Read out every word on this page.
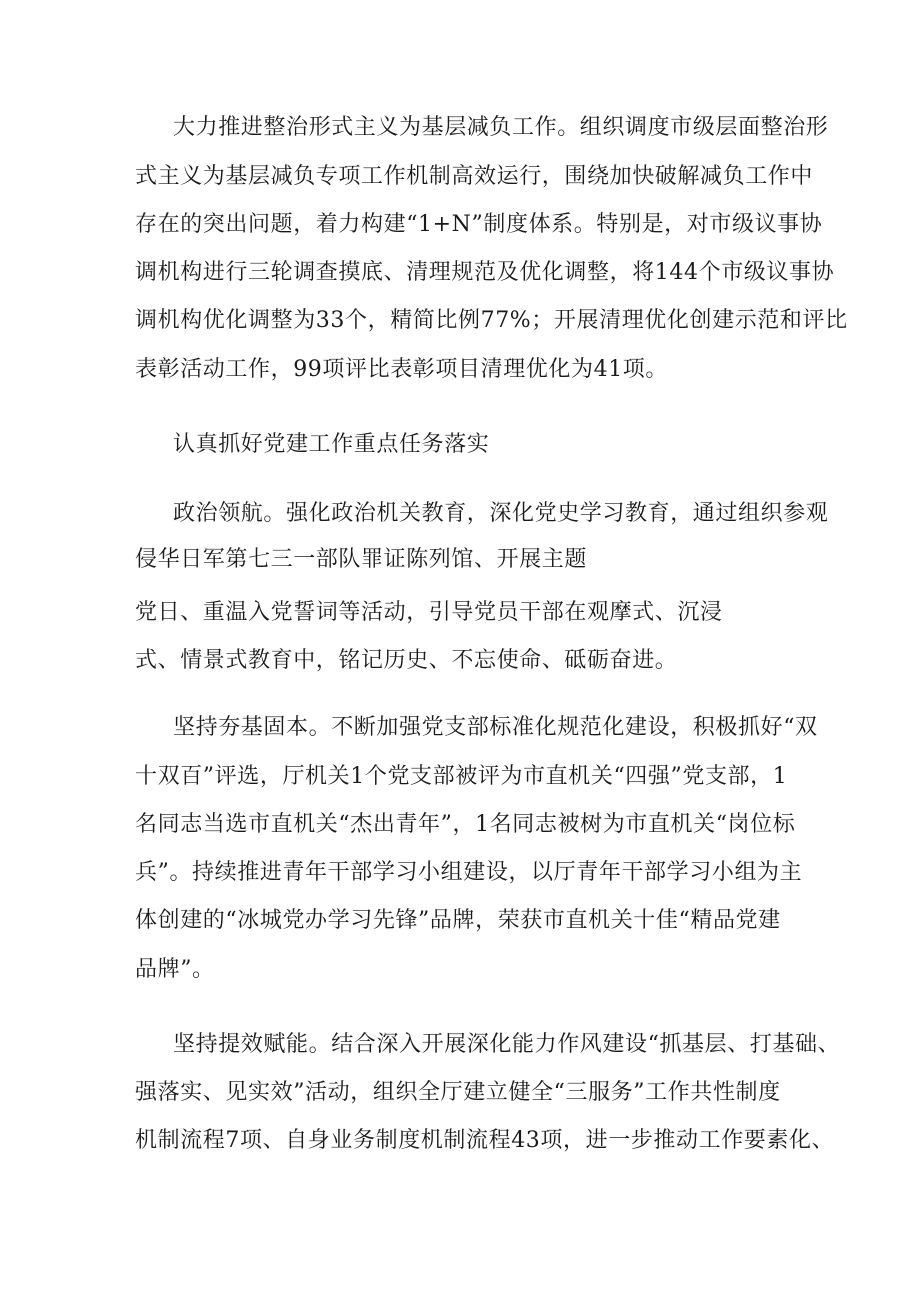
大力推进整治形式主义为基层减负工作。组织调度市级层面整治形
式主义为基层减负专项工作机制高效运行，围绕加快破解减负工作中
存在的突出问题，着力构建“1+N”制度体系。特别是，对市级议事协
调机构进行三轮调查摸底、清理规范及优化调整，将144个市级议事协
调机构优化调整为33个，精简比例77%；开展清理优化创建示范和评比
表彰活动工作，99项评比表彰项目清理优化为41项。
认真抓好党建工作重点任务落实
政治领航。强化政治机关教育，深化党史学习教育，通过组织参观
侵华日军第七三一部队罪证陈列馆、开展主题
党日、重温入党誓词等活动，引导党员干部在观摩式、沉浸
式、情景式教育中，铭记历史、不忘使命、砥砺奋进。
坚持夯基固本。不断加强党支部标准化规范化建设，积极抓好“双
十双百”评选，厅机关1个党支部被评为市直机关“四强”党支部，1
名同志当选市直机关“杰出青年”，1名同志被树为市直机关“岗位标
兵”。持续推进青年干部学习小组建设，以厅青年干部学习小组为主
体创建的“冰城党办学习先锋”品牌，荣获市直机关十佳“精品党建
品牌”。
坚持提效赋能。结合深入开展深化能力作风建设“抓基层、打基础、
强落实、见实效”活动，组织全厅建立健全“三服务”工作共性制度
机制流程7项、自身业务制度机制流程43项，进一步推动工作要素化、
